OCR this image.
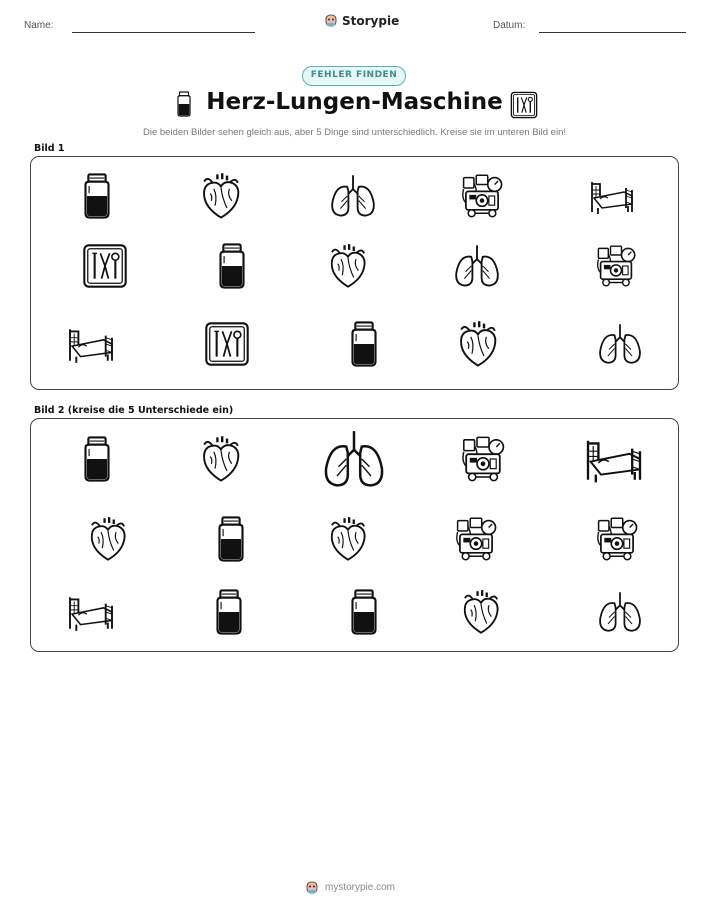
Name:	Storypie	Datum:
FEHLER FINDEN
Herz-Lungen-Maschine
Die beiden Bilder sehen gleich aus, aber 5 Dinge sind unterschiedlich. Kreise sie im unteren Bild ein!
Bild 1
Bild 2 (kreise die 5 Unterschiede ein)
mystorypie.com
